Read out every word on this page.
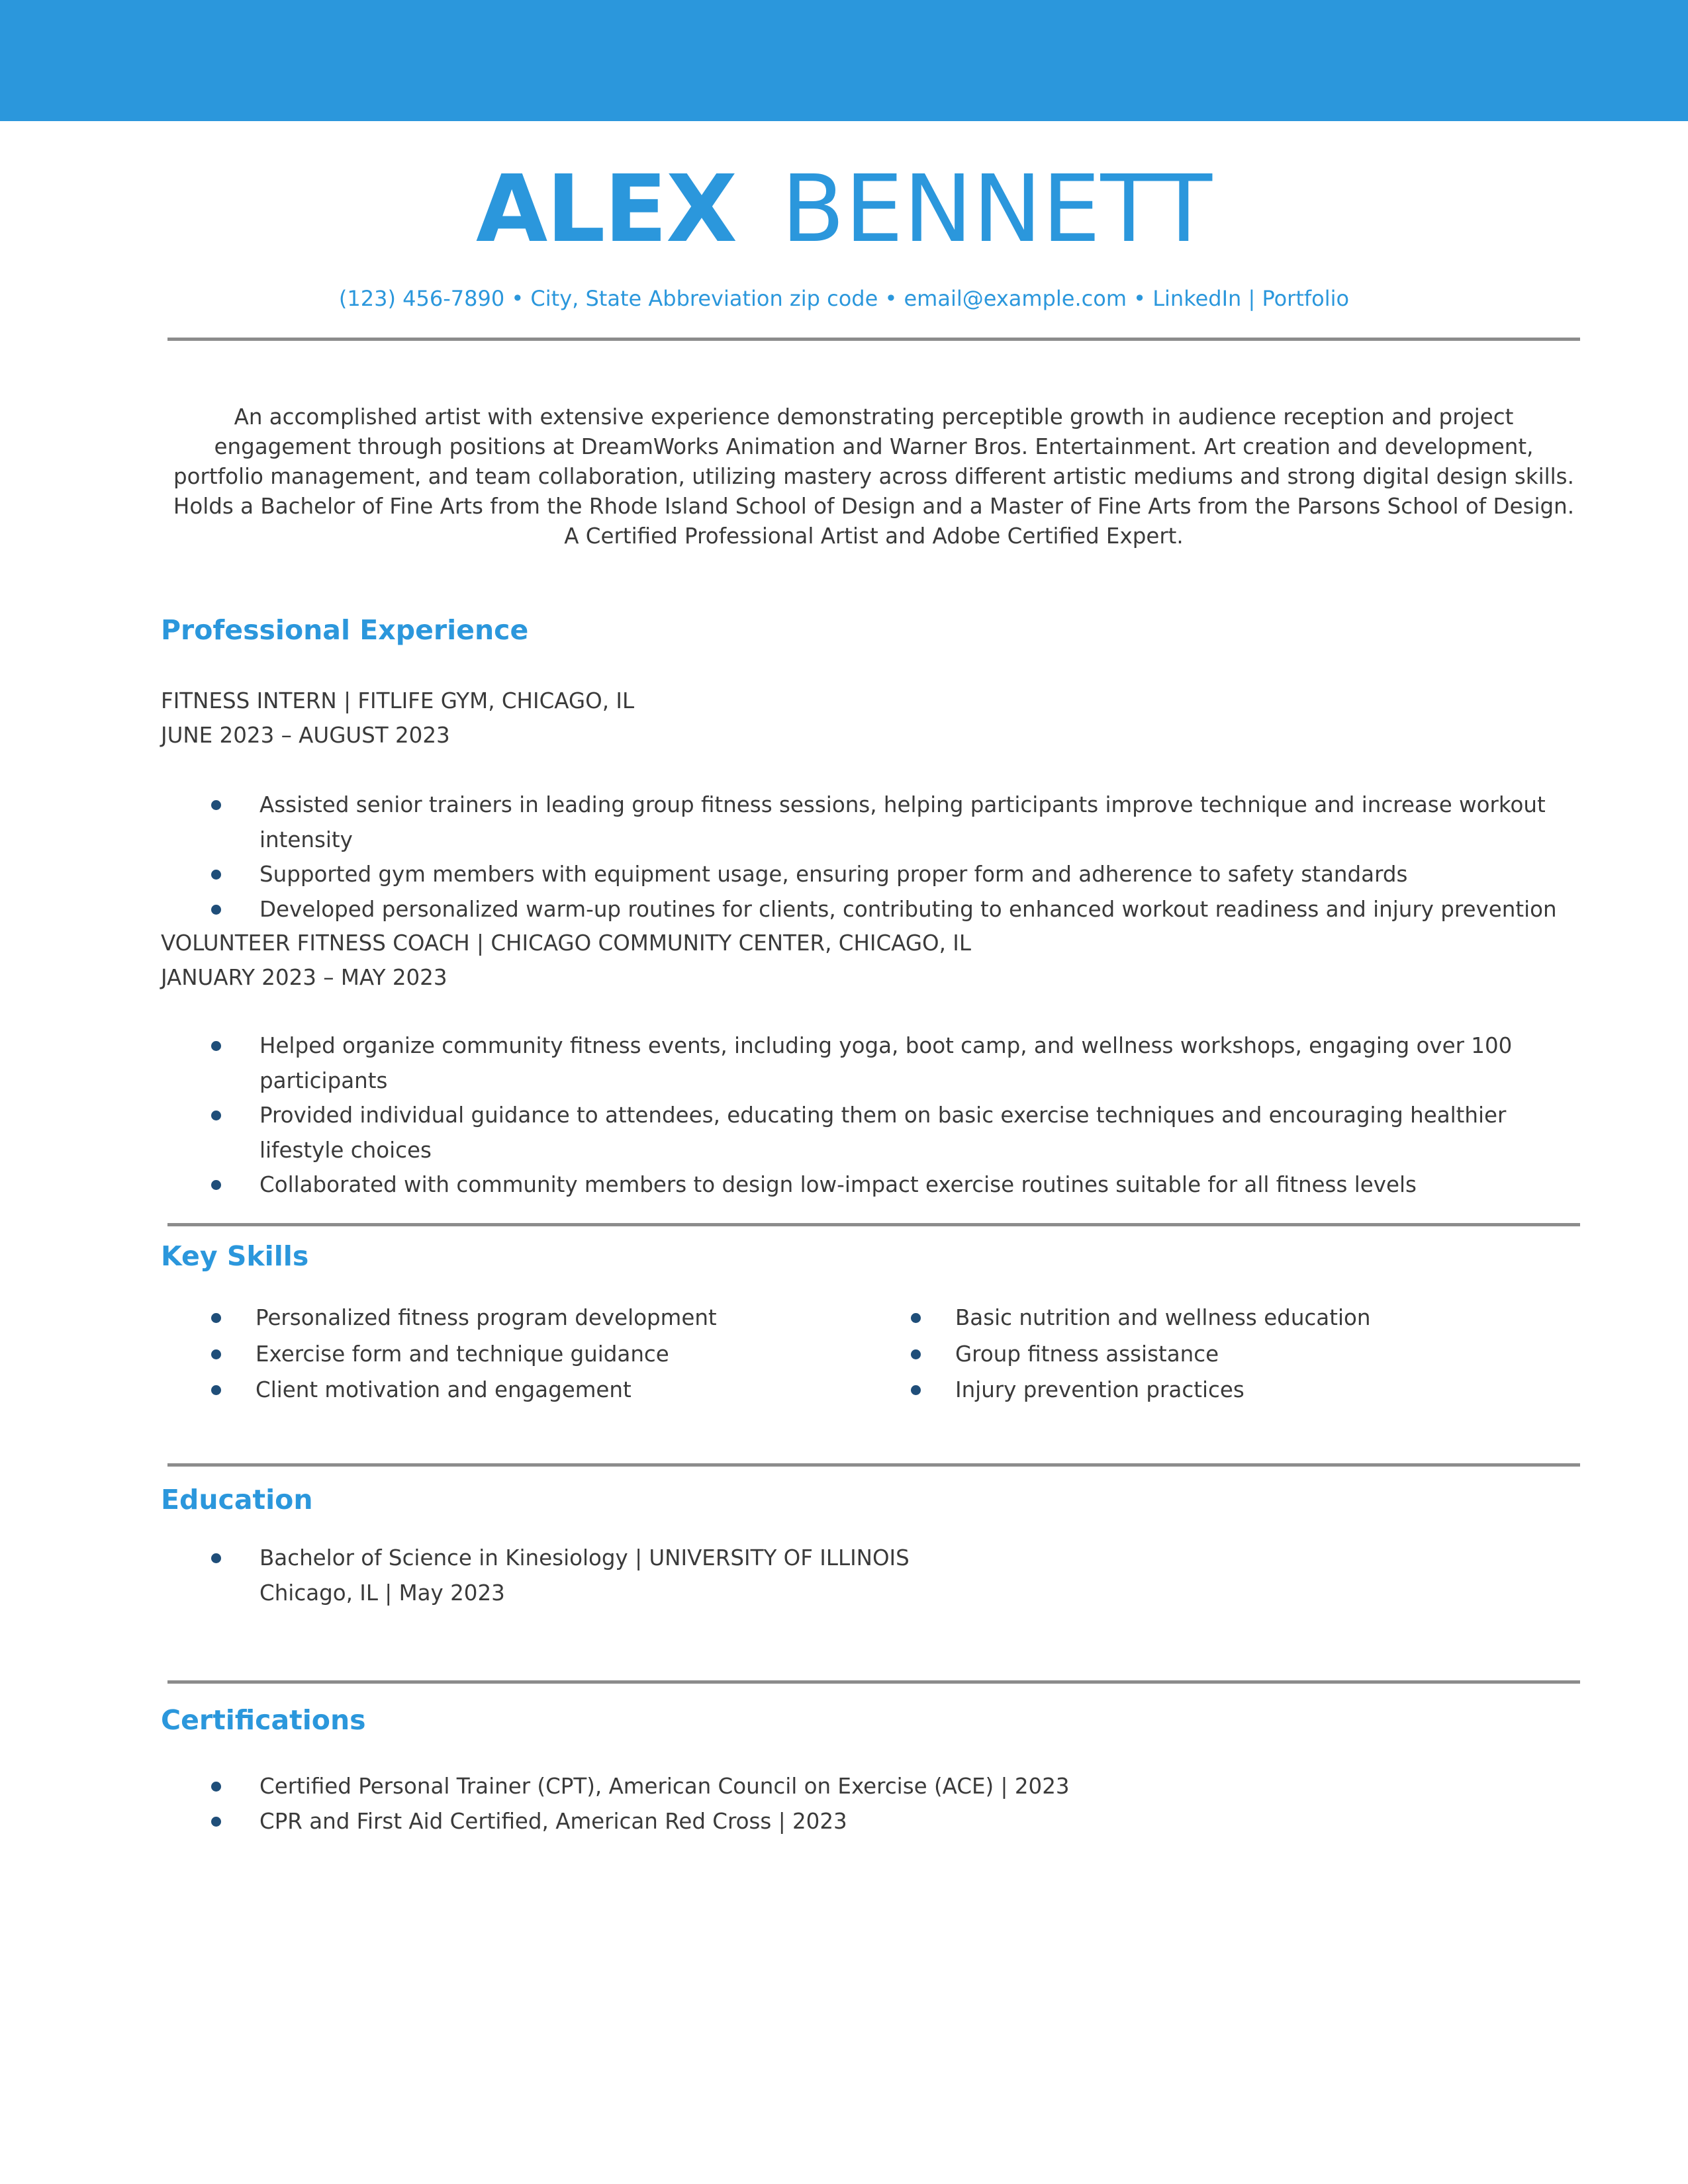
ALEX BENNETT
(123) 456-7890 • City, State Abbreviation zip code • email@example.com • LinkedIn | Portfolio
An accomplished artist with extensive experience demonstrating perceptible growth in audience reception and project engagement through positions at DreamWorks Animation and Warner Bros. Entertainment. Art creation and development, portfolio management, and team collaboration, utilizing mastery across different artistic mediums and strong digital design skills. Holds a Bachelor of Fine Arts from the Rhode Island School of Design and a Master of Fine Arts from the Parsons School of Design. A Certified Professional Artist and Adobe Certified Expert.
Professional Experience
FITNESS INTERN | FITLIFE GYM, CHICAGO, IL
JUNE 2023 – AUGUST 2023
Assisted senior trainers in leading group fitness sessions, helping participants improve technique and increase workout intensity
Supported gym members with equipment usage, ensuring proper form and adherence to safety standards
Developed personalized warm-up routines for clients, contributing to enhanced workout readiness and injury prevention
VOLUNTEER FITNESS COACH | CHICAGO COMMUNITY CENTER, CHICAGO, IL
JANUARY 2023 – MAY 2023
Helped organize community fitness events, including yoga, boot camp, and wellness workshops, engaging over 100 participants
Provided individual guidance to attendees, educating them on basic exercise techniques and encouraging healthier lifestyle choices
Collaborated with community members to design low-impact exercise routines suitable for all fitness levels
Key Skills
Personalized fitness program development
Exercise form and technique guidance
Client motivation and engagement
Basic nutrition and wellness education
Group fitness assistance
Injury prevention practices
Education
Bachelor of Science in Kinesiology | UNIVERSITY OF ILLINOIS
Chicago, IL | May 2023
Certifications
Certified Personal Trainer (CPT), American Council on Exercise (ACE) | 2023
CPR and First Aid Certified, American Red Cross | 2023
